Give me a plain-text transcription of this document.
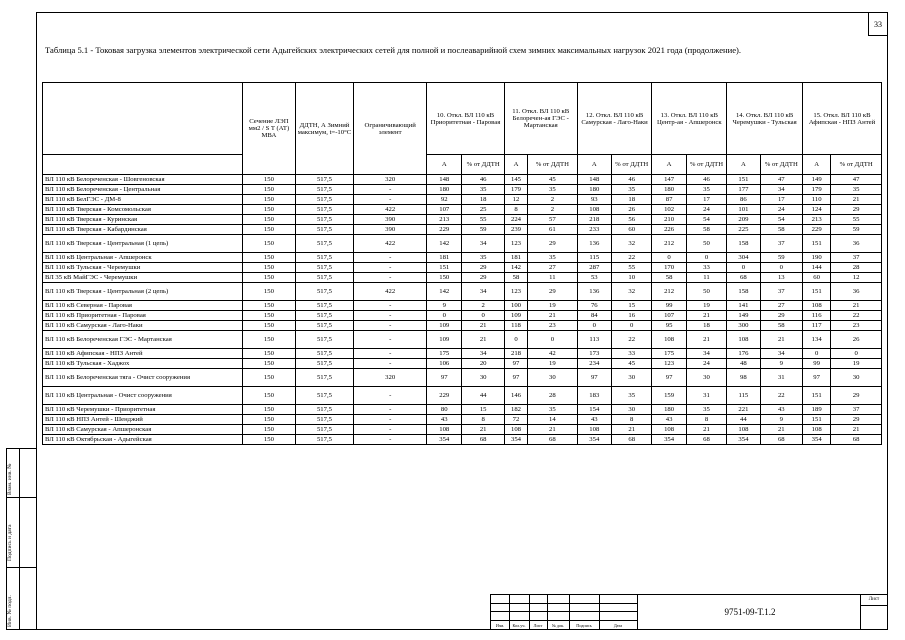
33
Таблица 5.1 - Токовая загрузка элементов электрической сети Адыгейских электрических сетей для полной и послеаварийной схем зимних максимальных нагрузок 2021 года (продолжение).
	Сечение ЛЭП мм2 / S T (AT) МВА	ДДТН, А Зимний максимум, t=-10°С	Ограничивающий элемент	10. Откл. ВЛ 110 кВ Приоритетная - Паровая		11. Откл. ВЛ 110 кВ Белоречен-ая ГЭС - Мартанская		12. Откл. ВЛ 110 кВ Самурская - Лаго-Наки		13. Откл. ВЛ 110 кВ Центр-ая - Апшеронск		14. Откл. ВЛ 110 кВ Черемушки - Тульская		15. Откл. ВЛ 110 кВ Афипская - НПЗ Антей	
				А	% от ДДТН	А	% от ДДТН	А	% от ДДТН	А	% от ДДТН	А	% от ДДТН	А	% от ДДТН
ВЛ 110 кВ Белореченская - Шовгеновская	150	517,5	320	148	46	145	45	148	46	147	46	151	47	149	47
ВЛ 110 кВ Белореченская - Центральная	150	517,5	-	180	35	179	35	180	35	180	35	177	34	179	35
ВЛ 110 кВ БелГЭС - ДМ-8	150	517,5	-	92	18	12	2	93	18	87	17	86	17	110	21
ВЛ 110 кВ Тверская - Комсомольская	150	517,5	422	107	25	8	2	108	26	102	24	101	24	124	29
ВЛ 110 кВ Тверская - Куринская	150	517,5	390	213	55	224	57	218	56	210	54	209	54	213	55
ВЛ 110 кВ Тверская - Кабардинская	150	517,5	390	229	59	239	61	233	60	226	58	225	58	229	59
ВЛ 110 кВ Тверская - Центральная (1 цепь)	150	517,5	422	142	34	123	29	136	32	212	50	158	37	151	36
ВЛ 110 кВ Центральная - Апшеронск	150	517,5	-	181	35	181	35	115	22	0	0	304	59	190	37
ВЛ 110 кВ Тульская - Черемушки	150	517,5	-	151	29	142	27	287	55	170	33	0	0	144	28
ВЛ 35 кВ МайГЭС - Черемушки	150	517,5	-	150	29	58	11	53	10	58	11	68	13	60	12
ВЛ 110 кВ Тверская - Центральная (2 цепь)	150	517,5	422	142	34	123	29	136	32	212	50	158	37	151	36
ВЛ 110 кВ Северная - Паровая	150	517,5	-	9	2	100	19	76	15	99	19	141	27	108	21
ВЛ 110 кВ Приоритетная - Паровая	150	517,5	-	0	0	109	21	84	16	107	21	149	29	116	22
ВЛ 110 кВ Самурская - Лаго-Наки	150	517,5	-	109	21	118	23	0	0	95	18	300	58	117	23
ВЛ 110 кВ Белореченская ГЭС - Мартанская	150	517,5	-	109	21	0	0	113	22	108	21	108	21	134	26
ВЛ 110 кВ Афипская - НПЗ Антей	150	517,5	-	175	34	218	42	173	33	175	34	176	34	0	0
ВЛ 110 кВ Тульская - Хаджох	150	517,5	-	106	20	97	19	234	45	123	24	48	9	99	19
ВЛ 110 кВ Белореченская тяга - Очист сооружения	150	517,5	320	97	30	97	30	97	30	97	30	98	31	97	30
ВЛ 110 кВ Центральная - Очист сооружения	150	517,5	-	229	44	146	28	183	35	159	31	115	22	151	29
ВЛ 110 кВ Черемушки - Приоритетная	150	517,5	-	80	15	182	35	154	30	180	35	221	43	189	37
ВЛ 110 кВ НПЗ Антей - Шенджий	150	517,5	-	43	8	72	14	43	8	43	8	44	9	151	29
ВЛ 110 кВ Самурская - Апшеронская	150	517,5	-	108	21	108	21	108	21	108	21	108	21	108	21
ВЛ 110 кВ Октябрьская - Адыгейская	150	517,5	-	354	68	354	68	354	68	354	68	354	68	354	68
Изм.	Кол.уч.	Лист	№ док.	Подпись	Дата
9751-09-Т.1.2
Лист
Взам. инв. №
Подпись и дата
Инв. № подл.
